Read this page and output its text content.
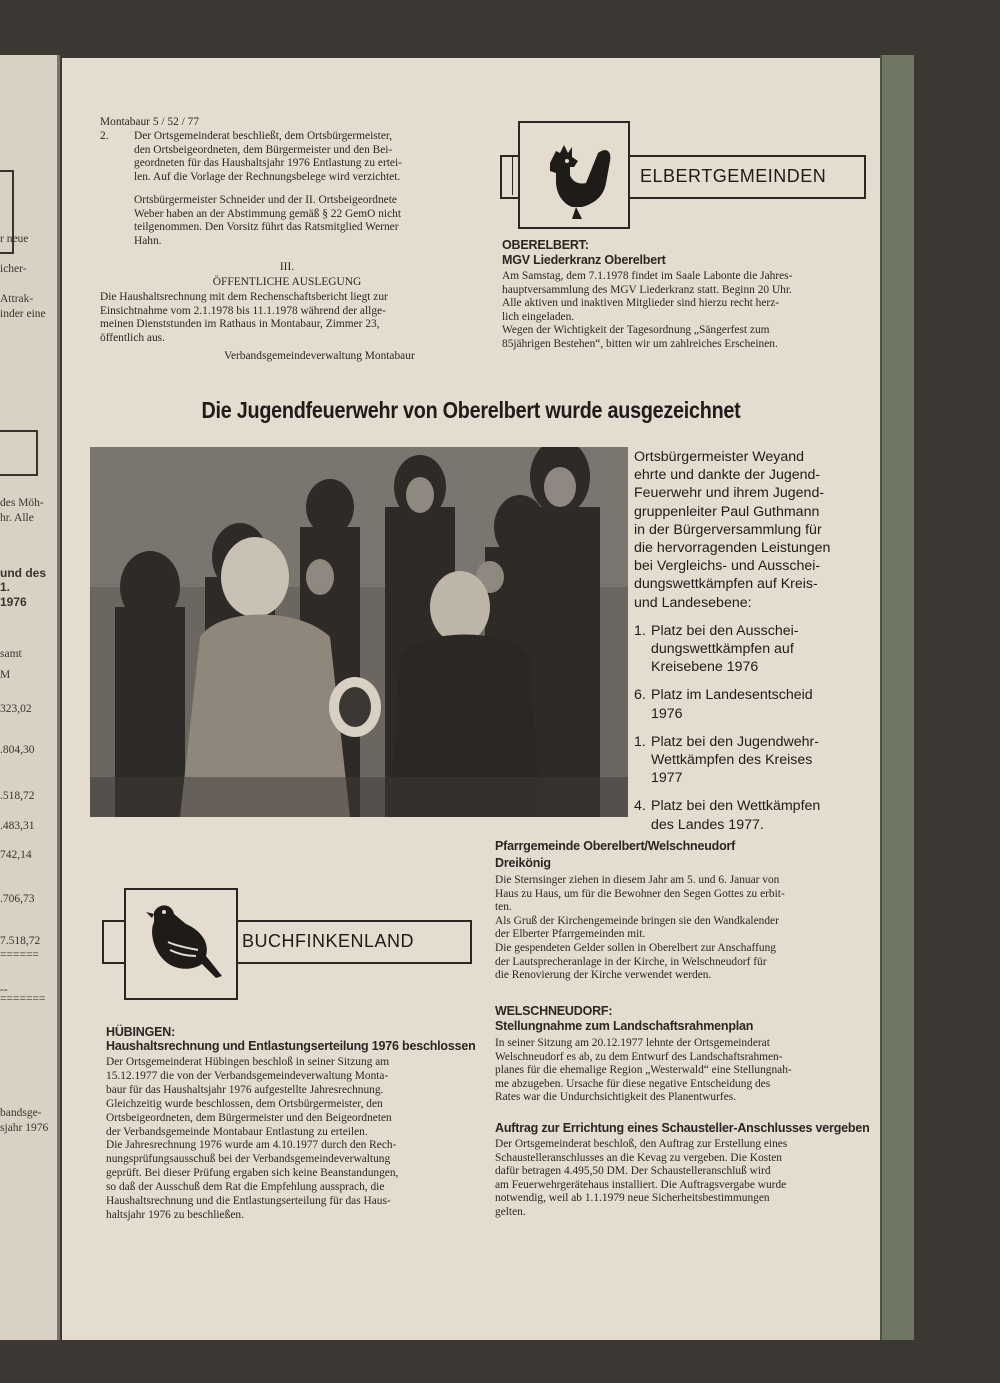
r neue
icher-
Attrak-
inder eine
des Möh-
hr. Alle
samt
M
323,02
.804,30
.518,72
.483,31
742,14
.706,73
7.518,72
======
--
=======
bandsge-
sjahr 1976
und des
1.
1976
Montabaur 5 / 52 / 77
2. Der Ortsgemeinderat beschließt, dem Ortsbürgermeister,
den Ortsbeigeordneten, dem Bürgermeister und den Bei-
geordneten für das Haushaltsjahr 1976 Entlastung zu ertei-
len. Auf die Vorlage der Rechnungsbelege wird verzichtet.
Ortsbürgermeister Schneider und der II. Ortsbeigeordnete
Weber haben an der Abstimmung gemäß § 22 GemO nicht
teilgenommen. Den Vorsitz führt das Ratsmitglied Werner
Hahn.
III.
ÖFFENTLICHE AUSLEGUNG
Die Haushaltsrechnung mit dem Rechenschaftsbericht liegt zur
Einsichtnahme vom 2.1.1978 bis 11.1.1978 während der allge-
meinen Dienststunden im Rathaus in Montabaur, Zimmer 23,
öffentlich aus.
Verbandsgemeindeverwaltung Montabaur
ELBERTGEMEINDEN
OBERELBERT:
MGV Liederkranz Oberelbert
Am Samstag, dem 7.1.1978 findet im Saale Labonte die Jahres-
hauptversammlung des MGV Liederkranz statt. Beginn 20 Uhr.
Alle aktiven und inaktiven Mitglieder sind hierzu recht herz-
lich eingeladen.
Wegen der Wichtigkeit der Tagesordnung „Sängerfest zum
85jährigen Bestehen“, bitten wir um zahlreiches Erscheinen.
Die Jugendfeuerwehr von Oberelbert wurde ausgezeichnet
Ortsbürgermeister Weyand
ehrte und dankte der Jugend-
Feuerwehr und ihrem Jugend-
gruppenleiter Paul Guthmann
in der Bürgerversammlung für
die hervorragenden Leistungen
bei Vergleichs- und Ausschei-
dungswettkämpfen auf Kreis-
und Landesebene:
1. Platz bei den Ausschei-
dungswettkämpfen auf
Kreisebene 1976
6. Platz im Landesentscheid
1976
1. Platz bei den Jugendwehr-
Wettkämpfen des Kreises
1977
4. Platz bei den Wettkämpfen
des Landes 1977.
BUCHFINKENLAND
HÜBINGEN:
Haushaltsrechnung und Entlastungserteilung 1976 beschlossen
Der Ortsgemeinderat Hübingen beschloß in seiner Sitzung am
15.12.1977 die von der Verbandsgemeindeverwaltung Monta-
baur für das Haushaltsjahr 1976 aufgestellte Jahresrechnung.
Gleichzeitig wurde beschlossen, dem Ortsbürgermeister, den
Ortsbeigeordneten, dem Bürgermeister und den Beigeordneten
der Verbandsgemeinde Montabaur Entlastung zu erteilen.
Die Jahresrechnung 1976 wurde am 4.10.1977 durch den Rech-
nungsprüfungsausschuß bei der Verbandsgemeindeverwaltung
geprüft. Bei dieser Prüfung ergaben sich keine Beanstandungen,
so daß der Ausschuß dem Rat die Empfehlung aussprach, die
Haushaltsrechnung und die Entlastungserteilung für das Haus-
haltsjahr 1976 zu beschließen.
Pfarrgemeinde Oberelbert/Welschneudorf
Dreikönig
Die Sternsinger ziehen in diesem Jahr am 5. und 6. Januar von
Haus zu Haus, um für die Bewohner den Segen Gottes zu erbit-
ten.
Als Gruß der Kirchengemeinde bringen sie den Wandkalender
der Elberter Pfarrgemeinden mit.
Die gespendeten Gelder sollen in Oberelbert zur Anschaffung
der Lautsprecheranlage in der Kirche, in Welschneudorf für
die Renovierung der Kirche verwendet werden.
WELSCHNEUDORF:
Stellungnahme zum Landschaftsrahmenplan
In seiner Sitzung am 20.12.1977 lehnte der Ortsgemeinderat
Welschneudorf es ab, zu dem Entwurf des Landschaftsrahmen-
planes für die ehemalige Region „Westerwald“ eine Stellungnah-
me abzugeben. Ursache für diese negative Entscheidung des
Rates war die Undurchsichtigkeit des Planentwurfes.
Auftrag zur Errichtung eines Schausteller-Anschlusses vergeben
Der Ortsgemeinderat beschloß, den Auftrag zur Erstellung eines
Schaustelleranschlusses an die Kevag zu vergeben. Die Kosten
dafür betragen 4.495,50 DM. Der Schaustelleranschluß wird
am Feuerwehrgerätehaus installiert. Die Auftragsvergabe wurde
notwendig, weil ab 1.1.1979 neue Sicherheitsbestimmungen
gelten.
